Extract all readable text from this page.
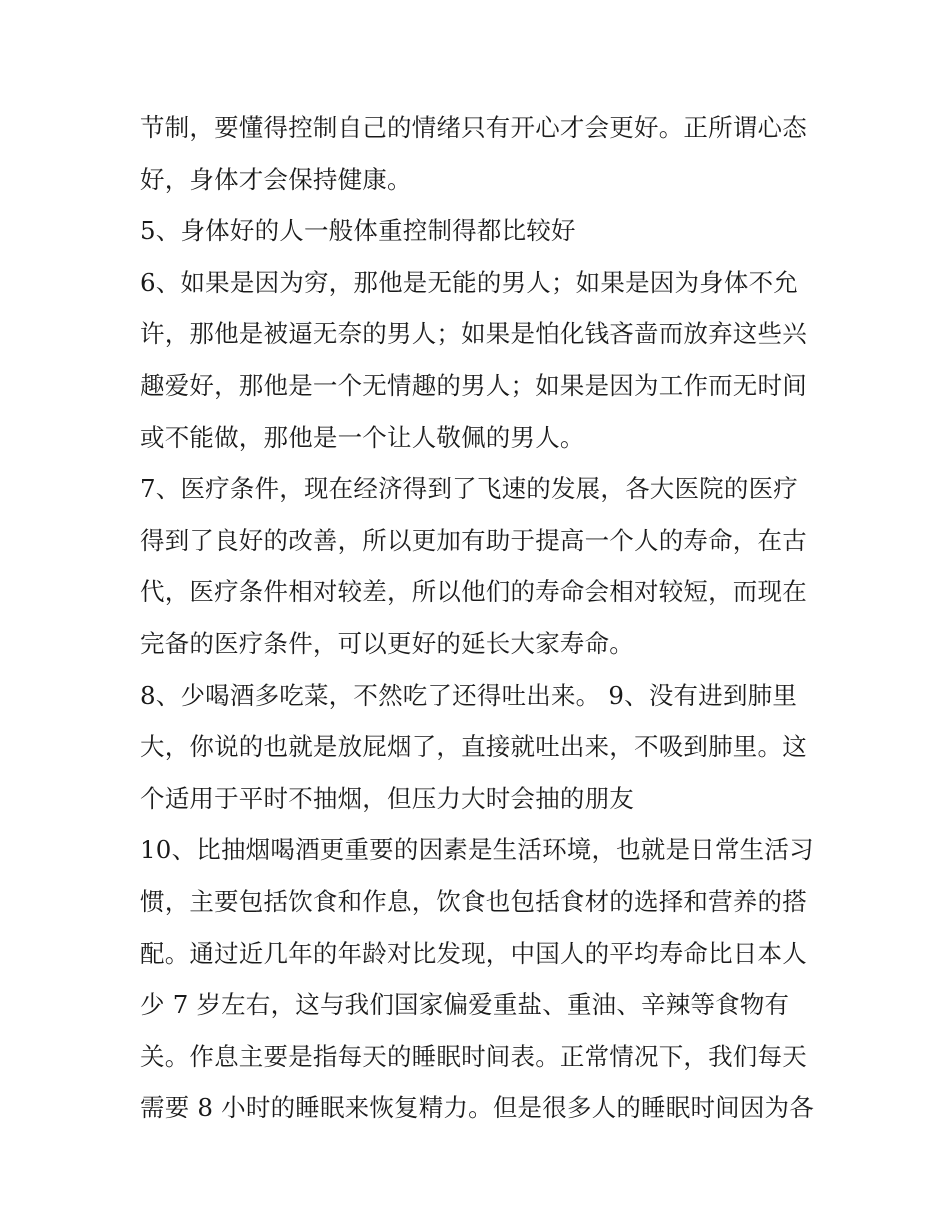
节制，要懂得控制自己的情绪只有开心才会更好。正所谓心态
好，身体才会保持健康。
5、身体好的人一般体重控制得都比较好
6、如果是因为穷，那他是无能的男人；如果是因为身体不允
许，那他是被逼无奈的男人；如果是怕化钱吝啬而放弃这些兴
趣爱好，那他是一个无情趣的男人；如果是因为工作而无时间
或不能做，那他是一个让人敬佩的男人。
7、医疗条件，现在经济得到了飞速的发展，各大医院的医疗
得到了良好的改善，所以更加有助于提高一个人的寿命，在古
代，医疗条件相对较差，所以他们的寿命会相对较短，而现在
完备的医疗条件，可以更好的延长大家寿命。
8、少喝酒多吃菜，不然吃了还得吐出来。 9、没有进到肺里
大，你说的也就是放屁烟了，直接就吐出来，不吸到肺里。这
个适用于平时不抽烟，但压力大时会抽的朋友
10、比抽烟喝酒更重要的因素是生活环境，也就是日常生活习
惯，主要包括饮食和作息，饮食也包括食材的选择和营养的搭
配。通过近几年的年龄对比发现，中国人的平均寿命比日本人
少 7 岁左右，这与我们国家偏爱重盐、重油、辛辣等食物有
关。作息主要是指每天的睡眠时间表。正常情况下，我们每天
需要 8 小时的睡眠来恢复精力。但是很多人的睡眠时间因为各
